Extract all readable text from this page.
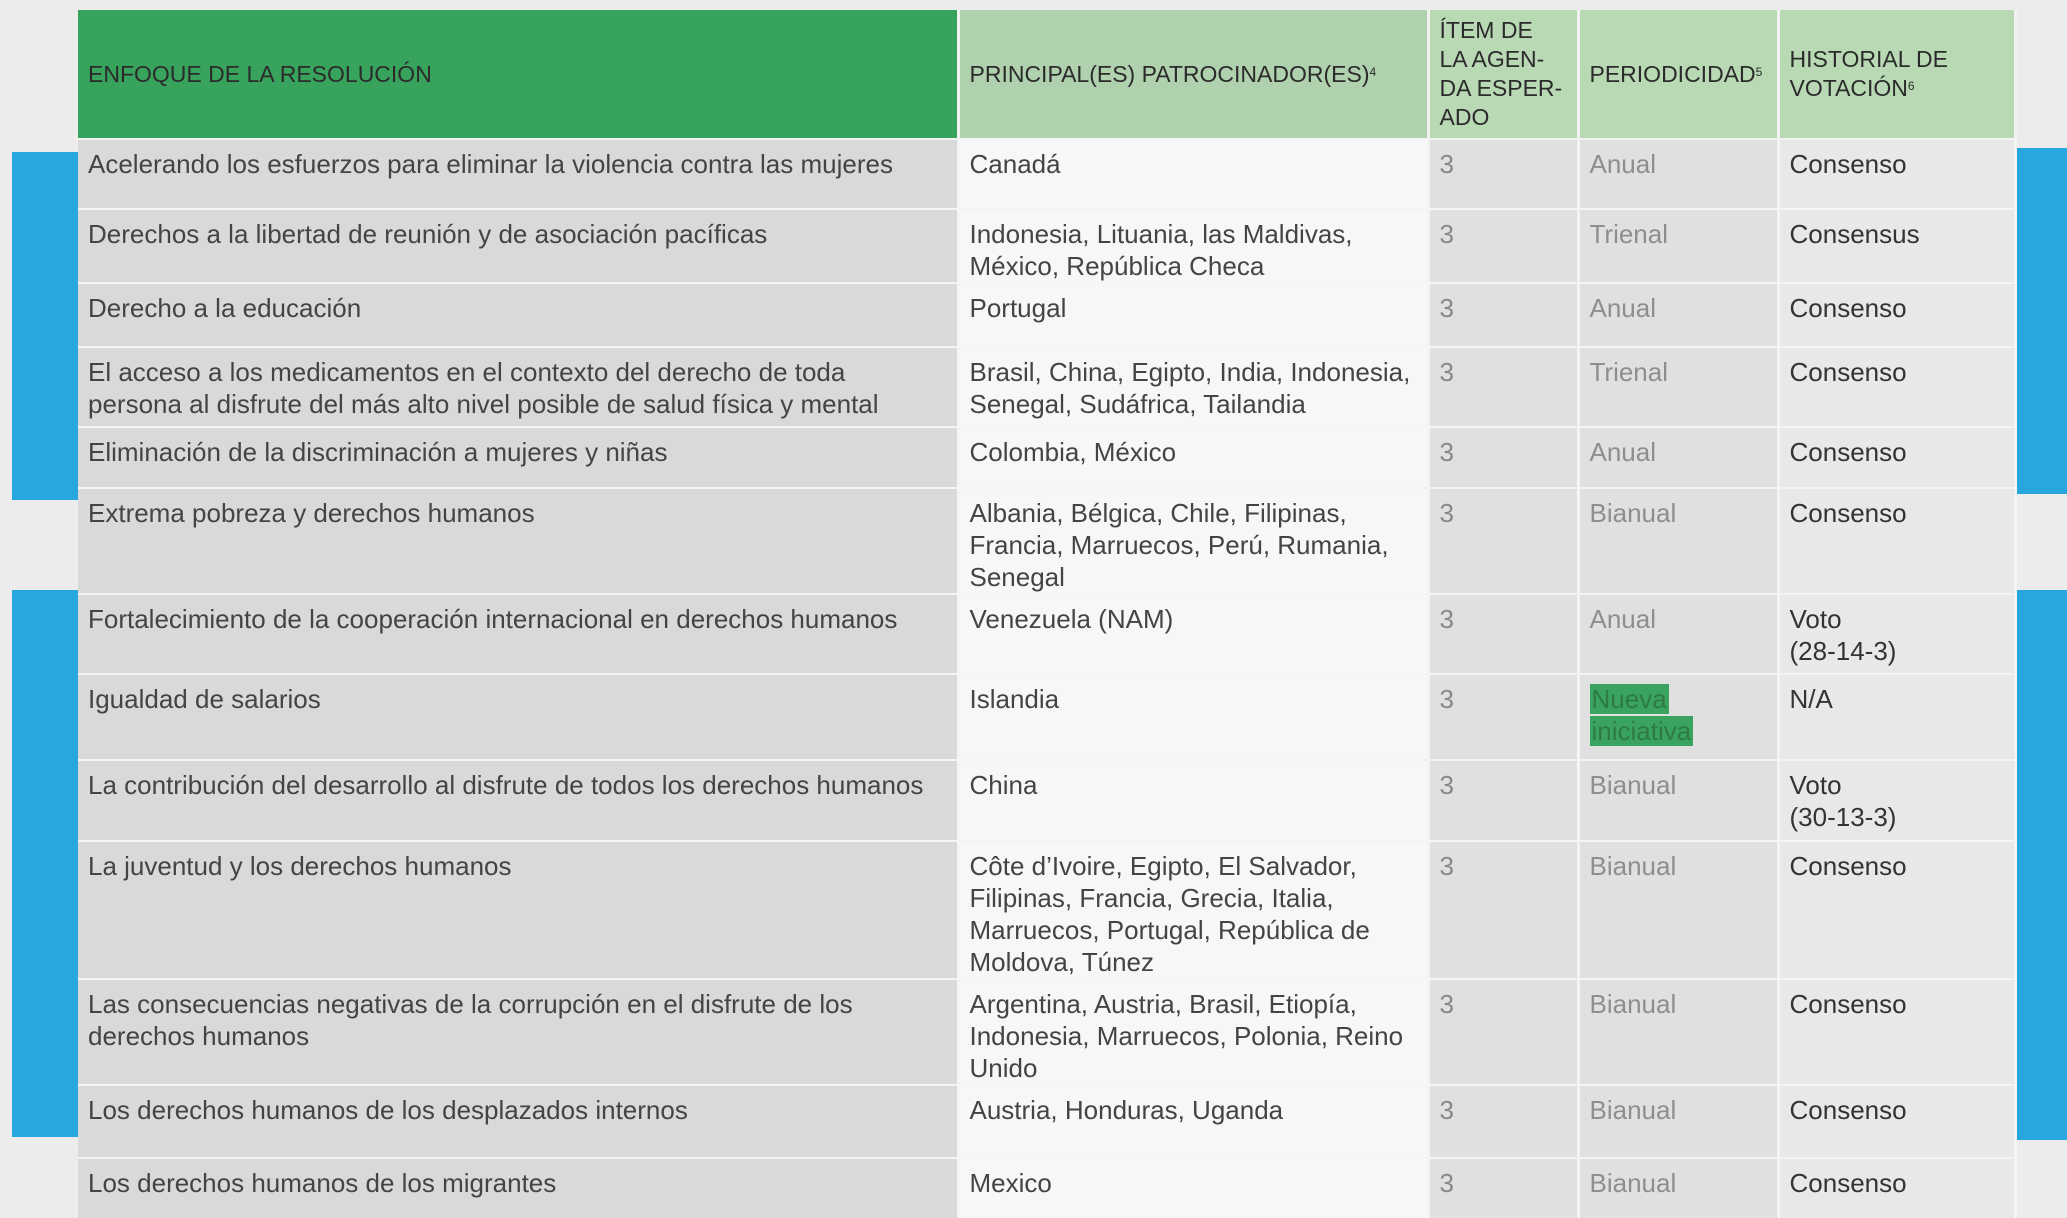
ENFOQUE DE LA RESOLUCIÓN	PRINCIPAL(ES) PATROCINADOR(ES)$^4$	ÍTEM DE
LA AGEN-
DA ESPER-
ADO	PERIODICIDAD$^5$	HISTORIAL DE
VOTACIÓN$^6$
Acelerando los esfuerzos para eliminar la violencia contra las mujeres	Canadá	3	Anual	Consenso
Derechos a la libertad de reunión y de asociación pacíficas	Indonesia, Lituania, las Maldivas, México, República Checa	3	Trienal	Consensus
Derecho a la educación	Portugal	3	Anual	Consenso
El acceso a los medicamentos en el contexto del derecho de toda persona al disfrute del más alto nivel posible de salud física y mental	Brasil, China, Egipto, India, Indonesia, Senegal, Sudáfrica, Tailandia	3	Trienal	Consenso
Eliminación de la discriminación a mujeres y niñas	Colombia, México	3	Anual	Consenso
Extrema pobreza y derechos humanos	Albania, Bélgica, Chile, Filipinas, Francia, Marruecos, Perú, Rumania, Senegal	3	Bianual	Consenso
Fortalecimiento de la cooperación internacional en derechos humanos	Venezuela (NAM)	3	Anual	Voto
(28-14-3)
Igualdad de salarios	Islandia	3	Nueva
iniciativa	N/A
La contribución del desarrollo al disfrute de todos los derechos humanos	China	3	Bianual	Voto
(30-13-3)
La juventud y los derechos humanos	Côte d’Ivoire, Egipto, El Salvador, Filipinas, Francia, Grecia, Italia, Marruecos, Portugal, República de Moldova, Túnez	3	Bianual	Consenso
Las consecuencias negativas de la corrupción en el disfrute de los derechos humanos	Argentina, Austria, Brasil, Etiopía, Indonesia, Marruecos, Polonia, Reino Unido	3	Bianual	Consenso
Los derechos humanos de los desplazados internos	Austria, Honduras, Uganda	3	Bianual	Consenso
Los derechos humanos de los migrantes	Mexico	3	Bianual	Consenso
